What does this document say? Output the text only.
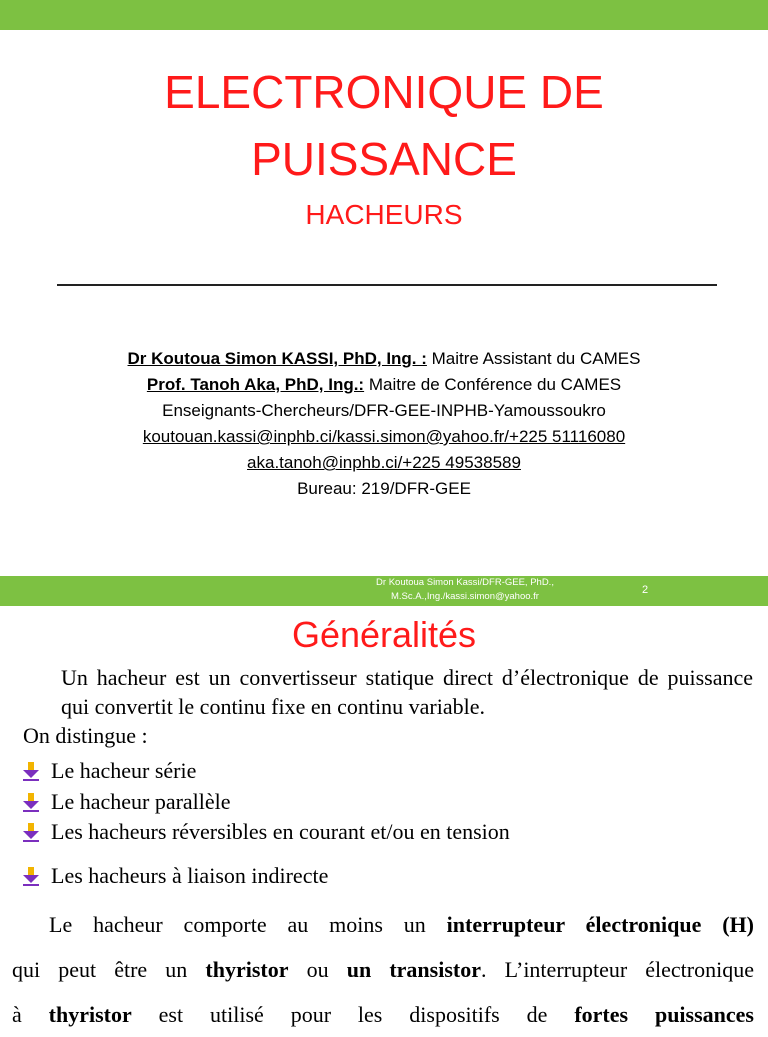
ELECTRONIQUE DE
PUISSANCE
HACHEURS
Dr Koutoua Simon KASSI, PhD, Ing. : Maitre Assistant du CAMES
Prof. Tanoh Aka, PhD, Ing.: Maitre de Conférence du CAMES
Enseignants-Chercheurs/DFR-GEE-INPHB-Yamoussoukro
koutouan.kassi@inphb.ci/kassi.simon@yahoo.fr/+225 51116080
aka.tanoh@inphb.ci/+225 49538589
Bureau: 219/DFR-GEE
Dr Koutoua Simon Kassi/DFR-GEE, PhD.,
M.Sc.A.,Ing./kassi.simon@yahoo.fr
2
Généralités
Un hacheur est un convertisseur statique direct d’électronique de puissance qui convertit le continu fixe en continu variable.
On distingue :
Le hacheur série
Le hacheur parallèle
Les hacheurs réversibles en courant et/ou en tension
Les hacheurs à liaison indirecte
Le hacheur comporte au moins un interrupteur électronique (H)
qui peut être un thyristor ou un transistor. L’interrupteur électronique
à thyristor est utilisé pour les dispositifs de fortes puissances
